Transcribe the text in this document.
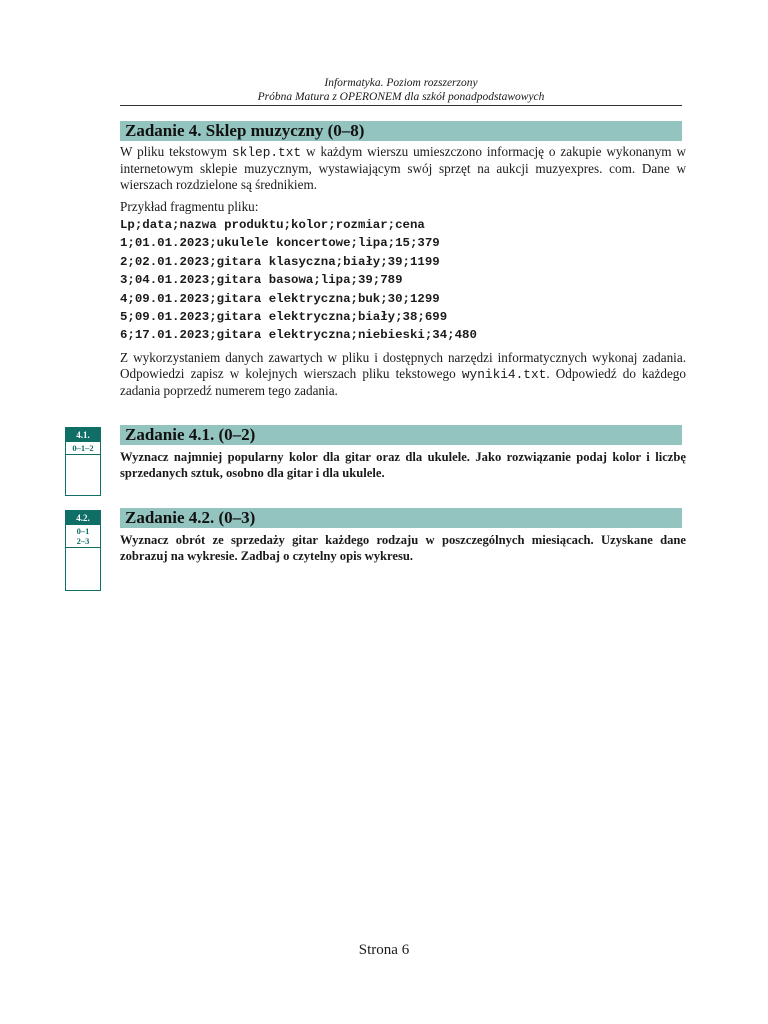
Informatyka. Poziom rozszerzony
Próbna Matura z OPERONEM dla szkół ponadpodstawowych
Zadanie 4. Sklep muzyczny (0–8)
W pliku tekstowym sklep.txt w każdym wierszu umieszczono informację o zakupie wykonanym w internetowym sklepie muzycznym, wystawiającym swój sprzęt na aukcji muzyexpres. com. Dane w wierszach rozdzielone są średnikiem.
Przykład fragmentu pliku:
Lp;data;nazwa produktu;kolor;rozmiar;cena
1;01.01.2023;ukulele koncertowe;lipa;15;379
2;02.01.2023;gitara klasyczna;biały;39;1199
3;04.01.2023;gitara basowa;lipa;39;789
4;09.01.2023;gitara elektryczna;buk;30;1299
5;09.01.2023;gitara elektryczna;biały;38;699
6;17.01.2023;gitara elektryczna;niebieski;34;480
Z wykorzystaniem danych zawartych w pliku i dostępnych narzędzi informatycznych wykonaj zadania. Odpowiedzi zapisz w kolejnych wierszach pliku tekstowego wyniki4.txt. Odpowiedź do każdego zadania poprzedź numerem tego zadania.
4.1.
0–1–2
Zadanie 4.1. (0–2)
Wyznacz najmniej popularny kolor dla gitar oraz dla ukulele. Jako rozwiązanie podaj kolor i liczbę sprzedanych sztuk, osobno dla gitar i dla ukulele.
4.2.
0–1
2–3
Zadanie 4.2. (0–3)
Wyznacz obrót ze sprzedaży gitar każdego rodzaju w poszczególnych miesiącach. Uzyskane dane zobrazuj na wykresie. Zadbaj o czytelny opis wykresu.
Strona 6
